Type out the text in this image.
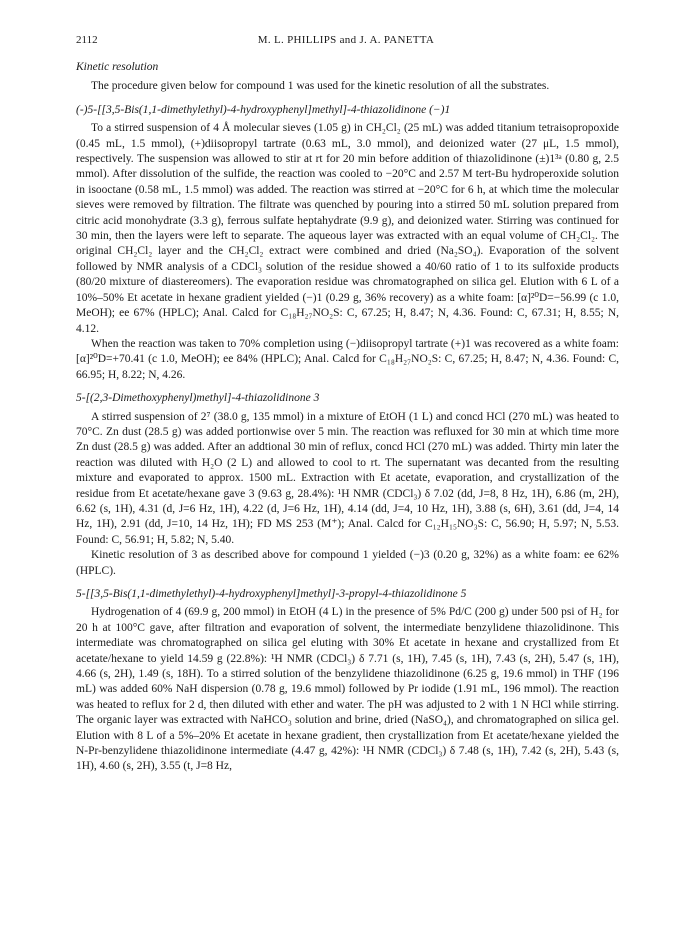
2112	M. L. PHILLIPS and J. A. PANETTA
Kinetic resolution

The procedure given below for compound 1 was used for the kinetic resolution of all the substrates.

(-)5-[[3,5-Bis(1,1-dimethylethyl)-4-hydroxyphenyl]methyl]-4-thiazolidinone (−)1

To a stirred suspension of 4 Å molecular sieves (1.05 g) in CH₂Cl₂ (25 mL) was added titanium tetraisopropoxide (0.45 mL, 1.5 mmol), (+)diisopropyl tartrate (0.63 mL, 3.0 mmol), and deionized water (27 μL, 1.5 mmol), respectively. The suspension was allowed to stir at rt for 20 min before addition of thiazolidinone (±)1³ᵃ (0.80 g, 2.5 mmol). After dissolution of the sulfide, the reaction was cooled to −20°C and 2.57 M tert-Bu hydroperoxide solution in isooctane (0.58 mL, 1.5 mmol) was added. The reaction was stirred at −20°C for 6 h, at which time the molecular sieves were removed by filtration. The filtrate was quenched by pouring into a stirred 50 mL solution prepared from citric acid monohydrate (3.3 g), ferrous sulfate heptahydrate (9.9 g), and deionized water. Stirring was continued for 30 min, then the layers were left to separate. The aqueous layer was extracted with an equal volume of CH₂Cl₂. The original CH₂Cl₂ layer and the CH₂Cl₂ extract were combined and dried (Na₂SO₄). Evaporation of the solvent followed by NMR analysis of a CDCl₃ solution of the residue showed a 40/60 ratio of 1 to its sulfoxide products (80/20 mixture of diastereomers). The evaporation residue was chromatographed on silica gel. Elution with 6 L of a 10%–50% Et acetate in hexane gradient yielded (−)1 (0.29 g, 36% recovery) as a white foam: [α]²⁰D=−56.99 (c 1.0, MeOH); ee 67% (HPLC); Anal. Calcd for C₁₈H₂₇NO₂S: C, 67.25; H, 8.47; N, 4.36. Found: C, 67.31; H, 8.55; N, 4.12.

When the reaction was taken to 70% completion using (−)diisopropyl tartrate (+)1 was recovered as a white foam: [α]²⁰D=+70.41 (c 1.0, MeOH); ee 84% (HPLC); Anal. Calcd for C₁₈H₂₇NO₂S: C, 67.25; H, 8.47; N, 4.36. Found: C, 66.95; H, 8.22; N, 4.26.

5-[(2,3-Dimethoxyphenyl)methyl]-4-thiazolidinone 3

A stirred suspension of 2⁷ (38.0 g, 135 mmol) in a mixture of EtOH (1 L) and concd HCl (270 mL) was heated to 70°C. Zn dust (28.5 g) was added portionwise over 5 min. The reaction was refluxed for 30 min at which time more Zn dust (28.5 g) was added. After an addtional 30 min of reflux, concd HCl (270 mL) was added. Thirty min later the reaction was diluted with H₂O (2 L) and allowed to cool to rt. The supernatant was decanted from the resulting mixture and evaporated to approx. 1500 mL. Extraction with Et acetate, evaporation, and crystallization of the residue from Et acetate/hexane gave 3 (9.63 g, 28.4%): ¹H NMR (CDCl₃) δ 7.02 (dd, J=8, 8 Hz, 1H), 6.86 (m, 2H), 6.62 (s, 1H), 4.31 (d, J=6 Hz, 1H), 4.22 (d, J=6 Hz, 1H), 4.14 (dd, J=4, 10 Hz, 1H), 3.88 (s, 6H), 3.61 (dd, J=4, 14 Hz, 1H), 2.91 (dd, J=10, 14 Hz, 1H); FD MS 253 (M⁺); Anal. Calcd for C₁₂H₁₅NO₃S: C, 56.90; H, 5.97; N, 5.53. Found: C, 56.91; H, 5.82; N, 5.40.

Kinetic resolution of 3 as described above for compound 1 yielded (−)3 (0.20 g, 32%) as a white foam: ee 62% (HPLC).

5-[[3,5-Bis(1,1-dimethylethyl)-4-hydroxyphenyl]methyl]-3-propyl-4-thiazolidinone 5

Hydrogenation of 4 (69.9 g, 200 mmol) in EtOH (4 L) in the presence of 5% Pd/C (200 g) under 500 psi of H₂ for 20 h at 100°C gave, after filtration and evaporation of solvent, the intermediate benzylidene thiazolidinone. This intermediate was chromatographed on silica gel eluting with 30% Et acetate in hexane and crystallized from Et acetate/hexane to yield 14.59 g (22.8%): ¹H NMR (CDCl₃) δ 7.71 (s, 1H), 7.45 (s, 1H), 7.43 (s, 2H), 5.47 (s, 1H), 4.66 (s, 2H), 1.49 (s, 18H). To a stirred solution of the benzylidene thiazolidinone (6.25 g, 19.6 mmol) in THF (196 mL) was added 60% NaH dispersion (0.78 g, 19.6 mmol) followed by Pr iodide (1.91 mL, 196 mmol). The reaction was heated to reflux for 2 d, then diluted with ether and water. The pH was adjusted to 2 with 1 N HCl while stirring. The organic layer was extracted with NaHCO₃ solution and brine, dried (NaSO₄), and chromatographed on silica gel. Elution with 8 L of a 5%–20% Et acetate in hexane gradient, then crystallization from Et acetate/hexane yielded the N-Pr-benzylidene thiazolidinone intermediate (4.47 g, 42%): ¹H NMR (CDCl₃) δ 7.48 (s, 1H), 7.42 (s, 2H), 5.43 (s, 1H), 4.60 (s, 2H), 3.55 (t, J=8 Hz,
